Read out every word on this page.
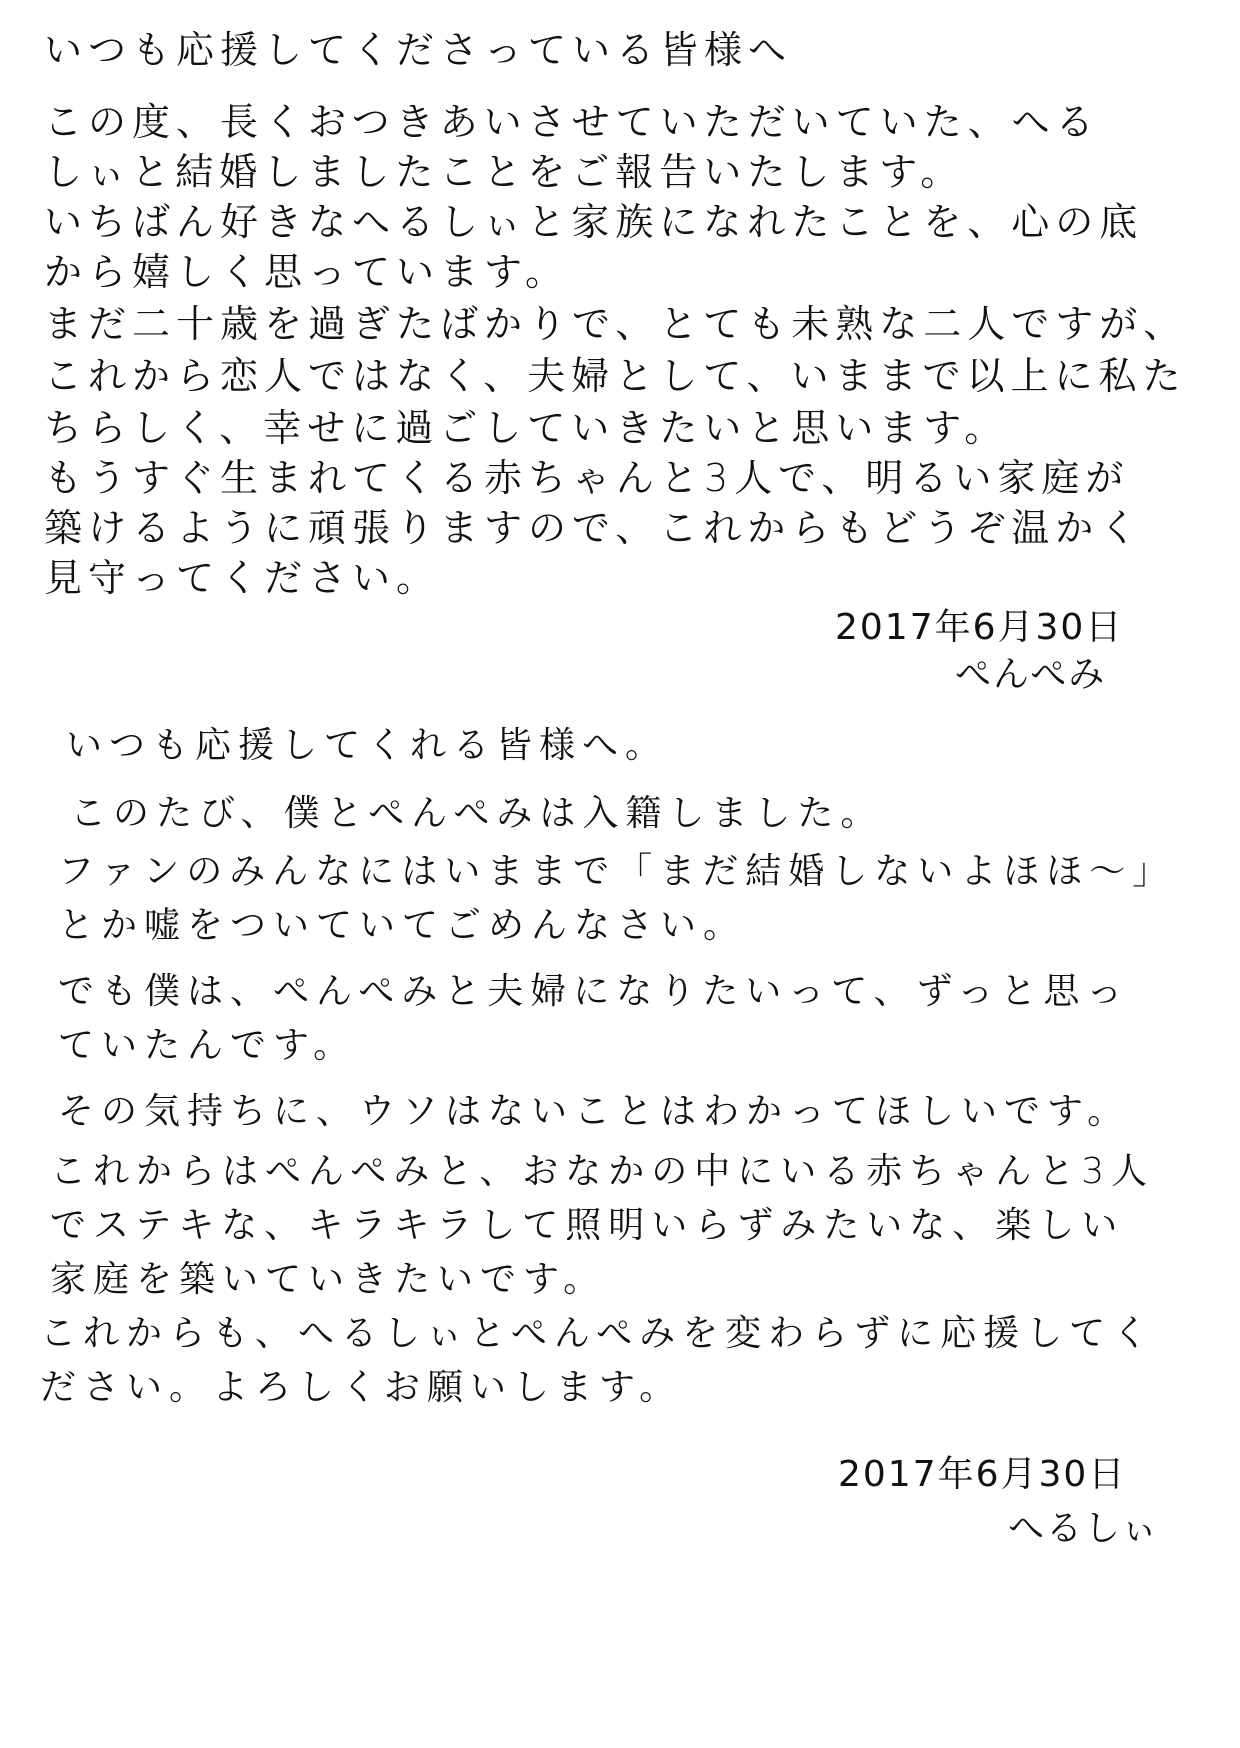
いつも応援してくださっている皆様へ
この度、長くおつきあいさせていただいていた、へる
しぃと結婚しましたことをご報告いたします。
いちばん好きなへるしぃと家族になれたことを、心の底
から嬉しく思っています。
まだ二十歳を過ぎたばかりで、とても未熟な二人ですが、
これから恋人ではなく、夫婦として、いままで以上に私た
ちらしく、幸せに過ごしていきたいと思います。
もうすぐ生まれてくる赤ちゃんと3人で、明るい家庭が
築けるように頑張りますので、これからもどうぞ温かく
見守ってください。
2017年6月30日
ぺんぺみ
いつも応援してくれる皆様へ。
このたび、僕とぺんぺみは入籍しました。
ファンのみんなにはいままで「まだ結婚しないよほほ～」
とか嘘をついていてごめんなさい。
でも僕は、ぺんぺみと夫婦になりたいって、ずっと思っ
ていたんです。
その気持ちに、ウソはないことはわかってほしいです。
これからはぺんぺみと、おなかの中にいる赤ちゃんと3人
でステキな、キラキラして照明いらずみたいな、楽しい
家庭を築いていきたいです。
これからも、へるしぃとぺんぺみを変わらずに応援してく
ださい。よろしくお願いします。
2017年6月30日
へるしぃ
